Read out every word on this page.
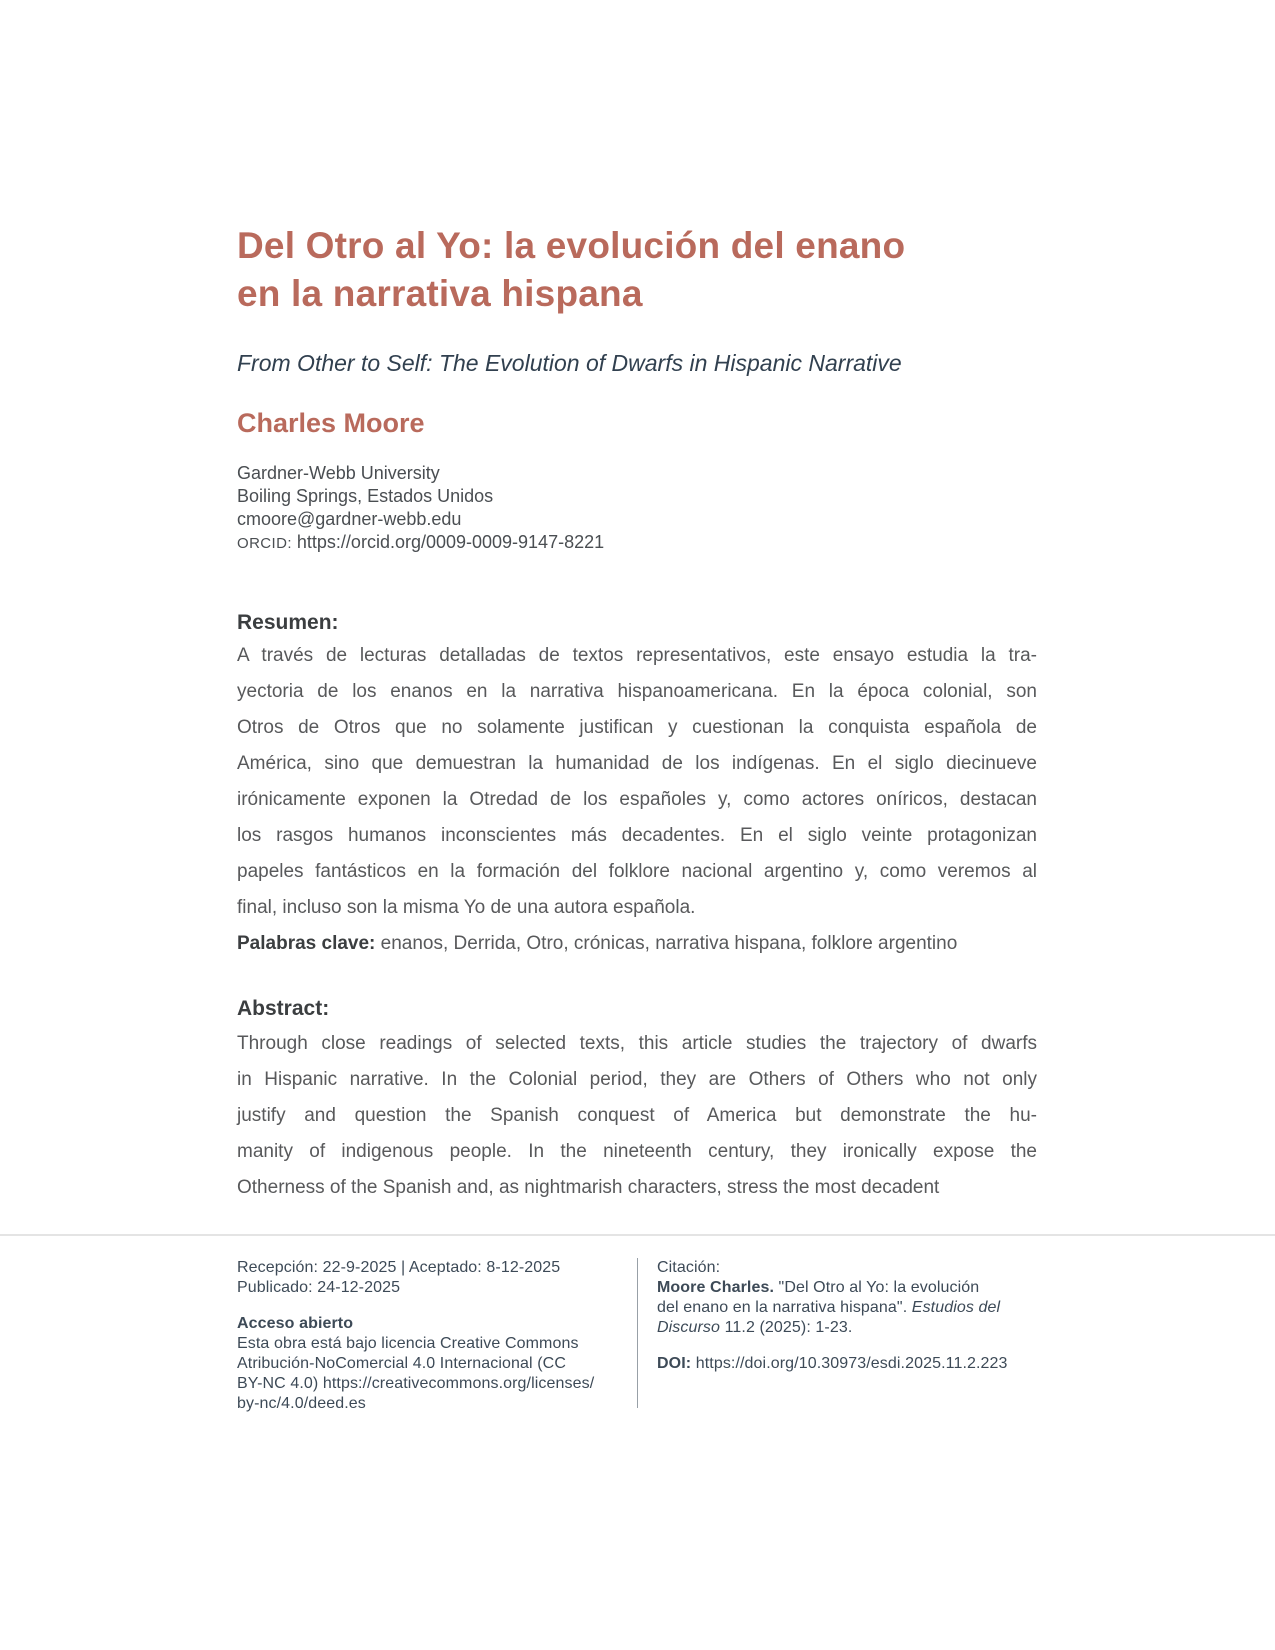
Del Otro al Yo: la evolución del enano
en la narrativa hispana
From Other to Self: The Evolution of Dwarfs in Hispanic Narrative
Charles Moore
Gardner-Webb University
Boiling Springs, Estados Unidos
cmoore@gardner-webb.edu
ORCID: https://orcid.org/0009-0009-9147-8221
Resumen:
A través de lecturas detalladas de textos representativos, este ensayo estudia la tra-
yectoria de los enanos en la narrativa hispanoamericana. En la época colonial, son
Otros de Otros que no solamente justifican y cuestionan la conquista española de
América, sino que demuestran la humanidad de los indígenas. En el siglo diecinueve
irónicamente exponen la Otredad de los españoles y, como actores oníricos, destacan
los rasgos humanos inconscientes más decadentes. En el siglo veinte protagonizan
papeles fantásticos en la formación del folklore nacional argentino y, como veremos al
final, incluso son la misma Yo de una autora española.
Palabras clave: enanos, Derrida, Otro, crónicas, narrativa hispana, folklore argentino
Abstract:
Through close readings of selected texts, this article studies the trajectory of dwarfs
in Hispanic narrative. In the Colonial period, they are Others of Others who not only
justify and question the Spanish conquest of America but demonstrate the hu-
manity of indigenous people. In the nineteenth century, they ironically expose the
Otherness of the Spanish and, as nightmarish characters, stress the most decadent
Recepción: 22-9-2025 | Aceptado: 8-12-2025
Publicado: 24-12-2025
Acceso abierto
Esta obra está bajo licencia Creative Commons
Atribución-NoComercial 4.0 Internacional (CC
BY-NC 4.0) https://creativecommons.org/licenses/
by-nc/4.0/deed.es
Citación:
Moore Charles. "Del Otro al Yo: la evolución
del enano en la narrativa hispana". Estudios del
Discurso 11.2 (2025): 1-23.
DOI: https://doi.org/10.30973/esdi.2025.11.2.223
